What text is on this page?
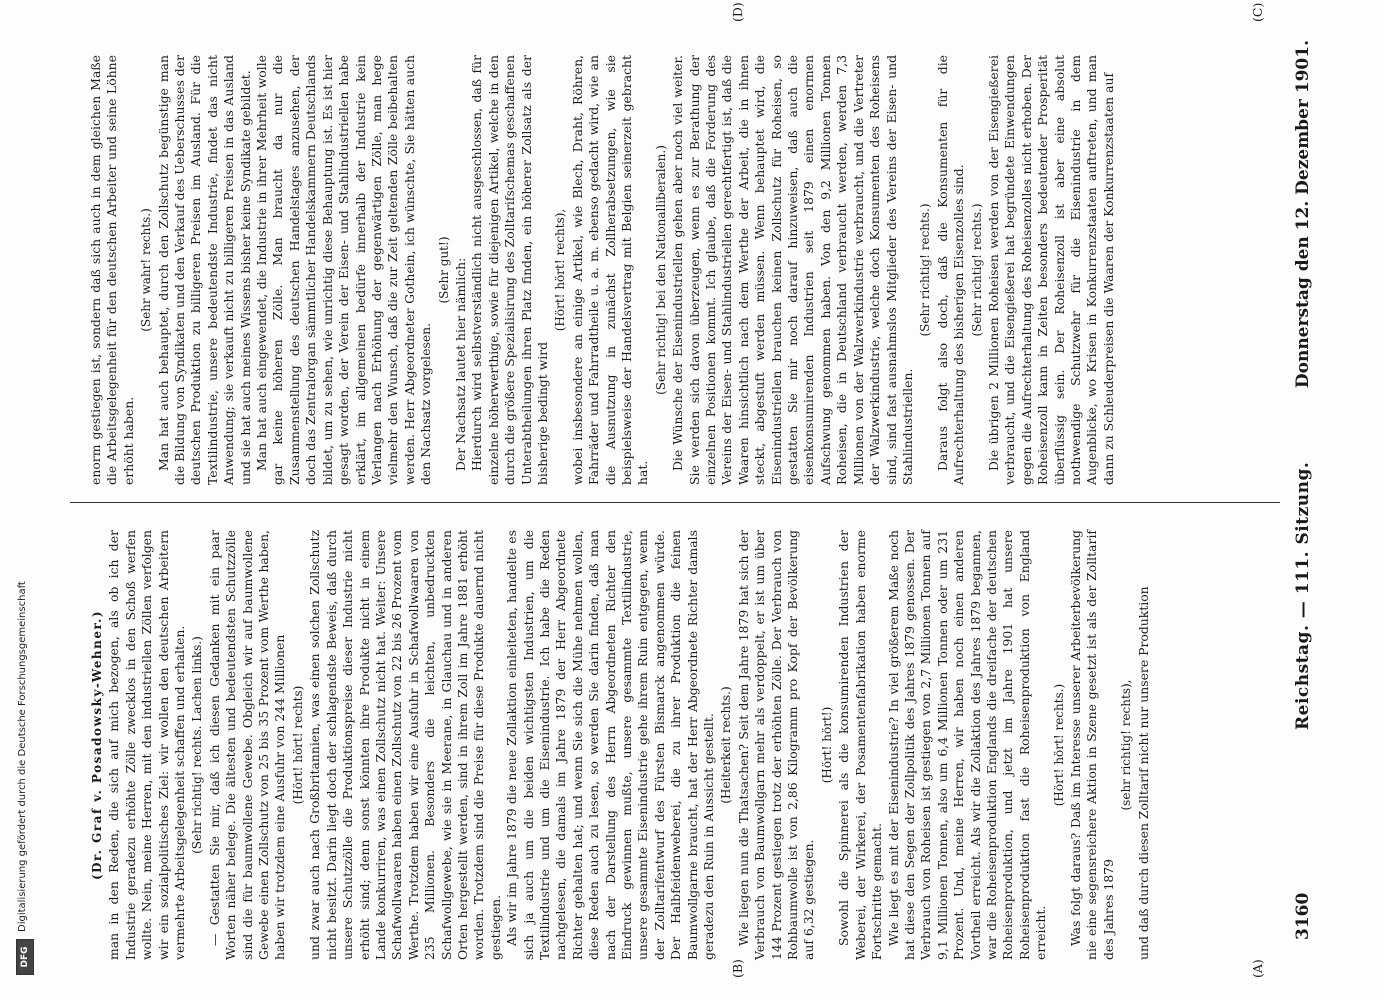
3160
Reichstag. — 111. Sitzung.
Donnerstag den 12. Dezember 1901.
(A)
(B)
(C)
(D)

(Dr. Graf v. Posadowsky-Wehner.) man in den Reden, die sich auf mich bezogen, als ob ich der Industrie geradezu erhöhte Zölle zwecklos in den Schoß werfen wollte. Nein, meine Herren, mit den industriellen Zöllen verfolgen wir ein sozialpolitisches Ziel: wir wollen den deutschen Arbeitern vermehrte Arbeitsgelegenheit schaffen und erhalten. (Sehr richtig! rechts. Lachen links.) — Gestatten Sie mir, daß ich diesen Gedanken mit ein paar Worten näher belege. Die ältesten und bedeutendsten Schutzzölle sind die für baumwollene Gewebe. Obgleich wir auf baumwollene Gewebe einen Zollschutz von 25 bis 35 Prozent vom Werthe haben, haben wir trotzdem eine Ausfuhr von 244 Millionen (Hört! hört! rechts) und zwar auch nach Großbritannien, was einen solchen Zollschutz nicht besitzt. Darin liegt doch der schlagendste Beweis, daß durch unsere Schutzzölle die Produktionspreise dieser Industrie nicht erhöht sind; denn sonst könnten ihre Produkte nicht in einem Lande konkurriren, was einen Zollschutz nicht hat. Weiter: Unsere Schafwollwaaren haben einen Zollschutz von 22 bis 26 Prozent vom Werthe. Trotzdem haben wir eine Ausfuhr in Schafwollwaaren von 235 Millionen. Besonders die leichten, unbedruckten Schafwollgewebe, wie sie in Meerane, in Glauchau und in anderen Orten hergestellt werden, sind in ihrem Zoll im Jahre 1881 erhöht worden. Trotzdem sind die Preise für diese Produkte dauernd nicht gestiegen. Als wir im Jahre 1879 die neue Zollaktion einleiteten, handelte es sich ja auch um die beiden wichtigsten Industrien, um die Textilindustrie und um die Eisenindustrie. Ich habe die Reden nachgelesen, die damals im Jahre 1879 der Herr Abgeordnete Richter gehalten hat; und wenn Sie sich die Mühe nehmen wollen, diese Reden auch zu lesen, so werden Sie darin finden, daß man nach der Darstellung des Herrn Abgeordneten Richter den Eindruck gewinnen mußte, unsere gesammte Textilindustrie, unsere gesammte Eisenindustrie gehe ihrem Ruin entgegen, wenn der Zolltarifentwurf des Fürsten Bismarck angenommen würde. Der Halbfeidenweberei, die zu ihrer Produktion die feinen Baumwollgarne braucht, hat der Herr Abgeordnete Richter damals geradezu den Ruin in Aussicht gestellt. (Heiterkeit rechts.) Wie liegen nun die Thatsachen? Seit dem Jahre 1879 hat sich der Verbrauch von Baumwollgarn mehr als verdoppelt, er ist um über 144 Prozent gestiegen trotz der erhöhten Zölle. Der Verbrauch von Rohbaumwolle ist von 2,86 Kilogramm pro Kopf der Bevölkerung auf 6,32 gestiegen.

(Hört! hört!) Sowohl die Spinnerei als die konsumirenden Industrien der Weberei, der Wirkerei, der Posamentenfabrikation haben enorme Fortschritte gemacht. Wie liegt es mit der Eisenindustrie? In viel größerem Maße noch hat diese den Segen der Zollpolitik des Jahres 1879 genossen. Der Verbrauch von Roheisen ist gestiegen von 2,7 Millionen Tonnen auf 9,1 Millionen Tonnen, also um 6,4 Millionen Tonnen oder um 231 Prozent. Und, meine Herren, wir haben noch einen anderen Vortheil erreicht. Als wir die Zollaktion des Jahres 1879 begannen, war die Roheisenproduktion Englands die dreifache der deutschen Roheisenproduktion, und jetzt im Jahre 1901 hat unsere Roheisenproduktion fast die Roheisenproduktion von England erreicht.

(Hört! hört! rechts.) Was folgt daraus? Daß im Interesse unserer Arbeiterbevölkerung nie eine segensreichere Aktion in Szene gesetzt ist als der Zolltarif des Jahres 1879

(sehr richtig! rechts), und daß durch diesen Zolltarif nicht nur unsere Produktion

enorm gestiegen ist, sondern daß sich auch in dem gleichen Maße die Arbeitsgelegenheit für den deutschen Arbeiter und seine Löhne erhöht haben.

(Sehr wahr! rechts.) Man hat auch behauptet, durch den Zollschutz begünstige man die Bildung von Syndikaten und den Verkauf des Ueberschusses der deutschen Produktion zu billigeren Preisen im Ausland. Für die Textilindustrie, unsere bedeutendste Industrie, findet das nicht Anwendung; sie verkauft nicht zu billigeren Preisen in das Ausland und sie hat auch meines Wissens bisher keine Syndikate gebildet. Man hat auch eingewendet, die Industrie in ihrer Mehrheit wolle gar keine höheren Zölle. Man braucht da nur die Zusammenstellung des deutschen Handelstages anzusehen, der doch das Zentralorgan sämmtlicher Handelskammern Deutschlands bildet, um zu sehen, wie unrichtig diese Behauptung ist. Es ist hier gesagt worden, der Verein der Eisen- und Stahlindustriellen habe erklärt, im allgemeinen bedürfe innerhalb der Industrie kein Verlangen nach Erhöhung der gegenwärtigen Zölle, man hege vielmehr den Wunsch, daß die zur Zeit geltenden Zölle beibehalten werden. Herr Abgeordneter Gothein, ich wünschte, Sie hätten auch den Nachsatz vorgelesen.

(Sehr gut!) Der Nachsatz lautet hier nämlich: Hierdurch wird selbstverständlich nicht ausgeschlossen, daß für einzelne höherwerthige, sowie für diejenigen Artikel, welche in den durch die größere Spezialisirung des Zolltarifschemas geschaffenen Unterabtheilungen ihren Platz finden, ein höherer Zollsatz als der bisherige bedingt wird

(Hört! hört! rechts), wobei insbesondere an einige Artikel, wie Blech, Draht, Röhren, Fahrräder und Fahrradtheile u. a. m. ebenso gedacht wird, wie an die Ausnutzung in zunächst Zollherabsetzungen, wie sie beispielsweise der Handelsvertrag mit Belgien seinerzeit gebracht hat.

(Sehr richtig! bei den Nationalliberalen.) Die Wünsche der Eisenindustriellen gehen aber noch viel weiter. Sie werden sich davon überzeugen, wenn es zur Berathung der einzelnen Positionen kommt. Ich glaube, daß die Forderung des Vereins der Eisen- und Stahlindustriellen gerechtfertigt ist, daß die Waaren hinsichtlich nach dem Werthe der Arbeit, die in ihnen steckt, abgestuft werden müssen. Wenn behauptet wird, die Eisenindustriellen brauchen keinen Zollschutz für Roheisen, so gestatten Sie mir noch darauf hinzuweisen, daß auch die eisenkonsumirenden Industrien seit 1879 einen enormen Aufschwung genommen haben. Von den 9,2 Millionen Tonnen Roheisen, die in Deutschland verbraucht werden, werden 7,3 Millionen von der Walzwerkindustrie verbraucht, und die Vertreter der Walzwerkindustrie, welche doch Konsumenten des Roheisens sind, sind fast ausnahmslos Mitglieder des Vereins der Eisen- und Stahlindustriellen.

(Sehr richtig! rechts.) Daraus folgt also doch, daß die Konsumenten für die Aufrechterhaltung des bisherigen Eisenzolles sind. (Sehr richtig! rechts.) Die übrigen 2 Millionen Roheisen werden von der Eisengießerei verbraucht, und die Eisengießerei hat begründete Einwendungen gegen die Aufrechterhaltung des Roheisenzolles nicht erhoben. Der Roheisenzoll kann in Zeiten besonders bedeutender Prosperität überflüssig sein. Der Roheisenzoll ist aber eine absolut nothwendige Schutzwehr für die Eisenindustrie in dem Augenblicke, wo Krisen in Konkurrenzstaaten auftreten, und man dann zu Schleuderpreisen die Waaren der Konkurrenzstaaten auf

DFG
Digitalisierung gefördert durch die Deutsche Forschungsgemeinschaft
